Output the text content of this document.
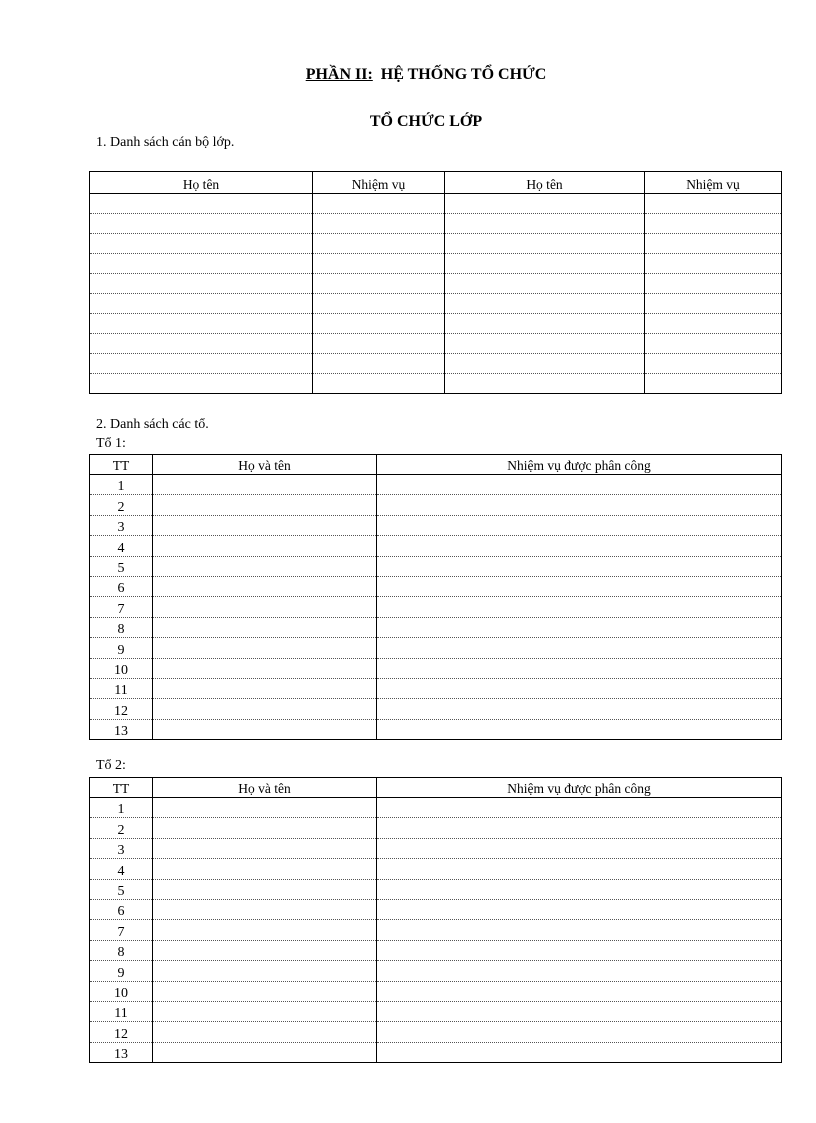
PHẦN II: HỆ THỐNG TỔ CHỨC
TỔ CHỨC LỚP
1. Danh sách cán bộ lớp.
Họ tên	Nhiệm vụ	Họ tên	Nhiệm vụ

2. Danh sách các tổ.
Tổ 1:
TT	Họ và tên	Nhiệm vụ được phân công
1		
2		
3		
4		
5		
6		
7		
8		
9		
10		
11		
12		
13		
Tổ 2:
TT	Họ và tên	Nhiệm vụ được phân công
1		
2		
3		
4		
5		
6		
7		
8		
9		
10		
11		
12		
13		
